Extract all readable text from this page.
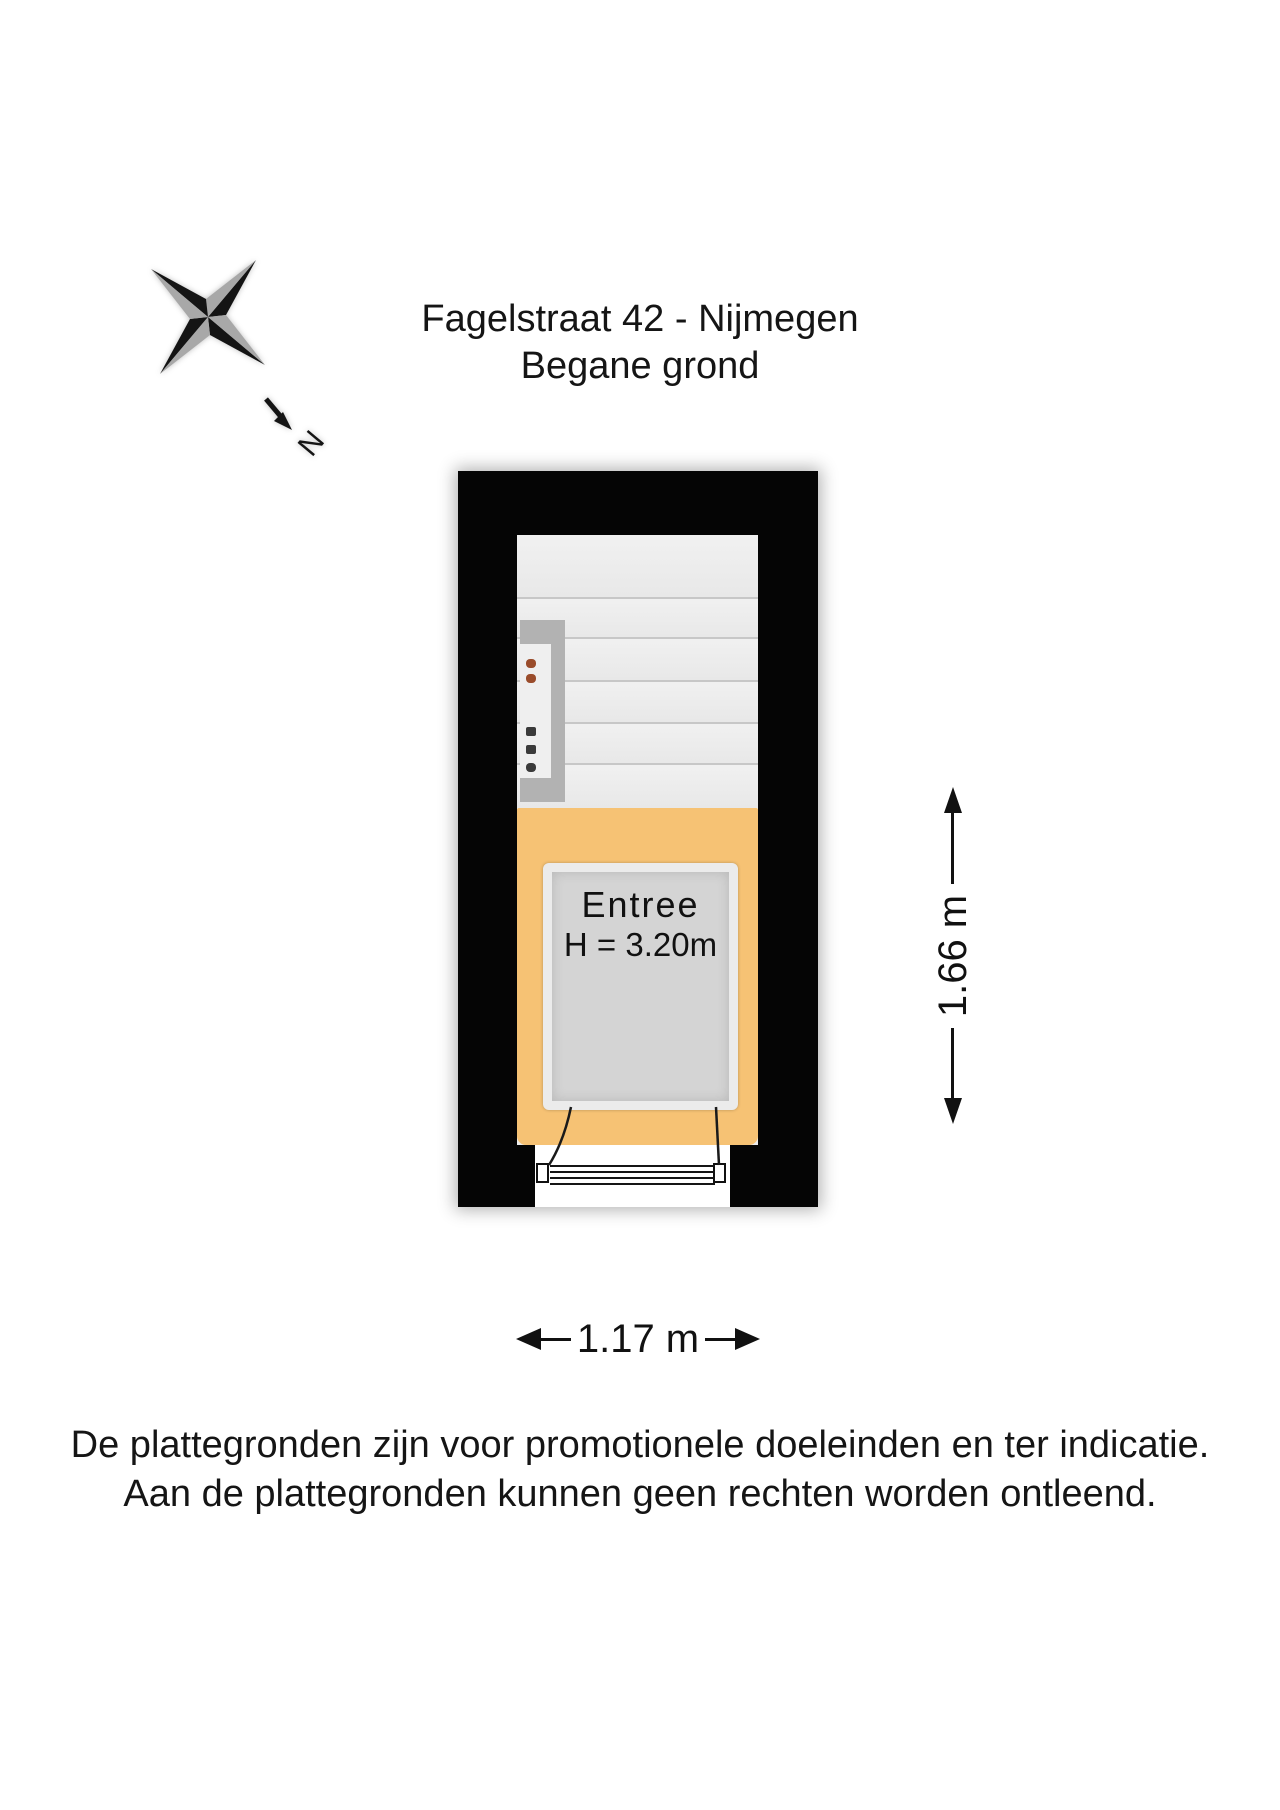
N
Fagelstraat 42 - Nijmegen
Begane grond
Entree
H = 3.20m	1.66 m
1.17 m
De plattegronden zijn voor promotionele doeleinden en ter indicatie.
Aan de plattegronden kunnen geen rechten worden ontleend.
